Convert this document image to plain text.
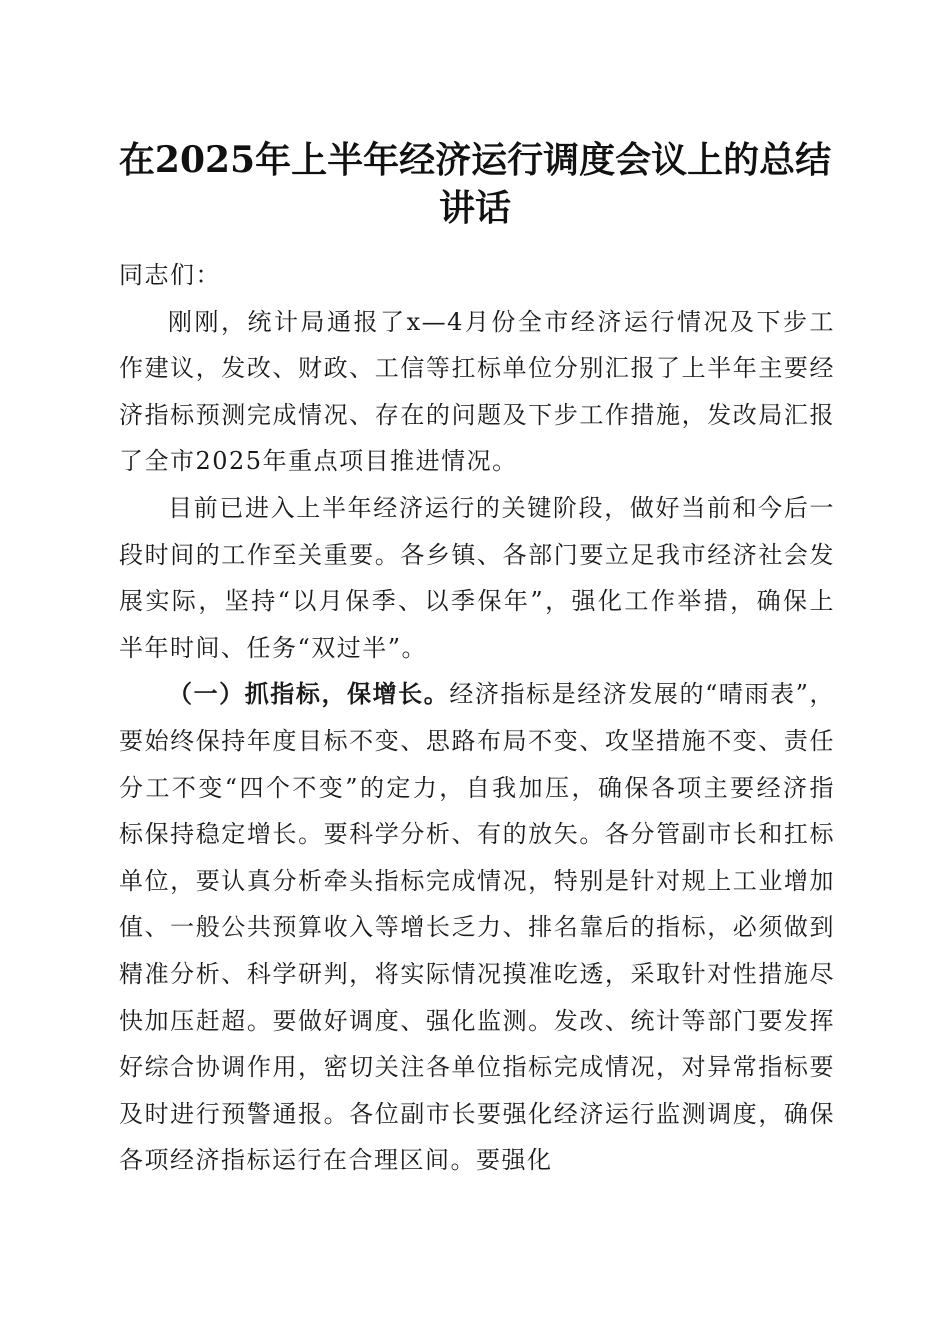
在2025年上半年经济运行调度会议上的总结讲话

同志们：

刚刚，统计局通报了x—4月份全市经济运行情况及下步工作建议，发改、财政、工信等扛标单位分别汇报了上半年主要经济指标预测完成情况、存在的问题及下步工作措施，发改局汇报了全市2025年重点项目推进情况。

目前已进入上半年经济运行的关键阶段，做好当前和今后一段时间的工作至关重要。各乡镇、各部门要立足我市经济社会发展实际，坚持“以月保季、以季保年”，强化工作举措，确保上半年时间、任务“双过半”。

（一）抓指标，保增长。经济指标是经济发展的“晴雨表”，要始终保持年度目标不变、思路布局不变、攻坚措施不变、责任分工不变“四个不变”的定力，自我加压，确保各项主要经济指标保持稳定增长。要科学分析、有的放矢。各分管副市长和扛标单位，要认真分析牵头指标完成情况，特别是针对规上工业增加值、一般公共预算收入等增长乏力、排名靠后的指标，必须做到精准分析、科学研判，将实际情况摸准吃透，采取针对性措施尽快加压赶超。要做好调度、强化监测。发改、统计等部门要发挥好综合协调作用，密切关注各单位指标完成情况，对异常指标要及时进行预警通报。各位副市长要强化经济运行监测调度，确保各项经济指标运行在合理区间。要强化
